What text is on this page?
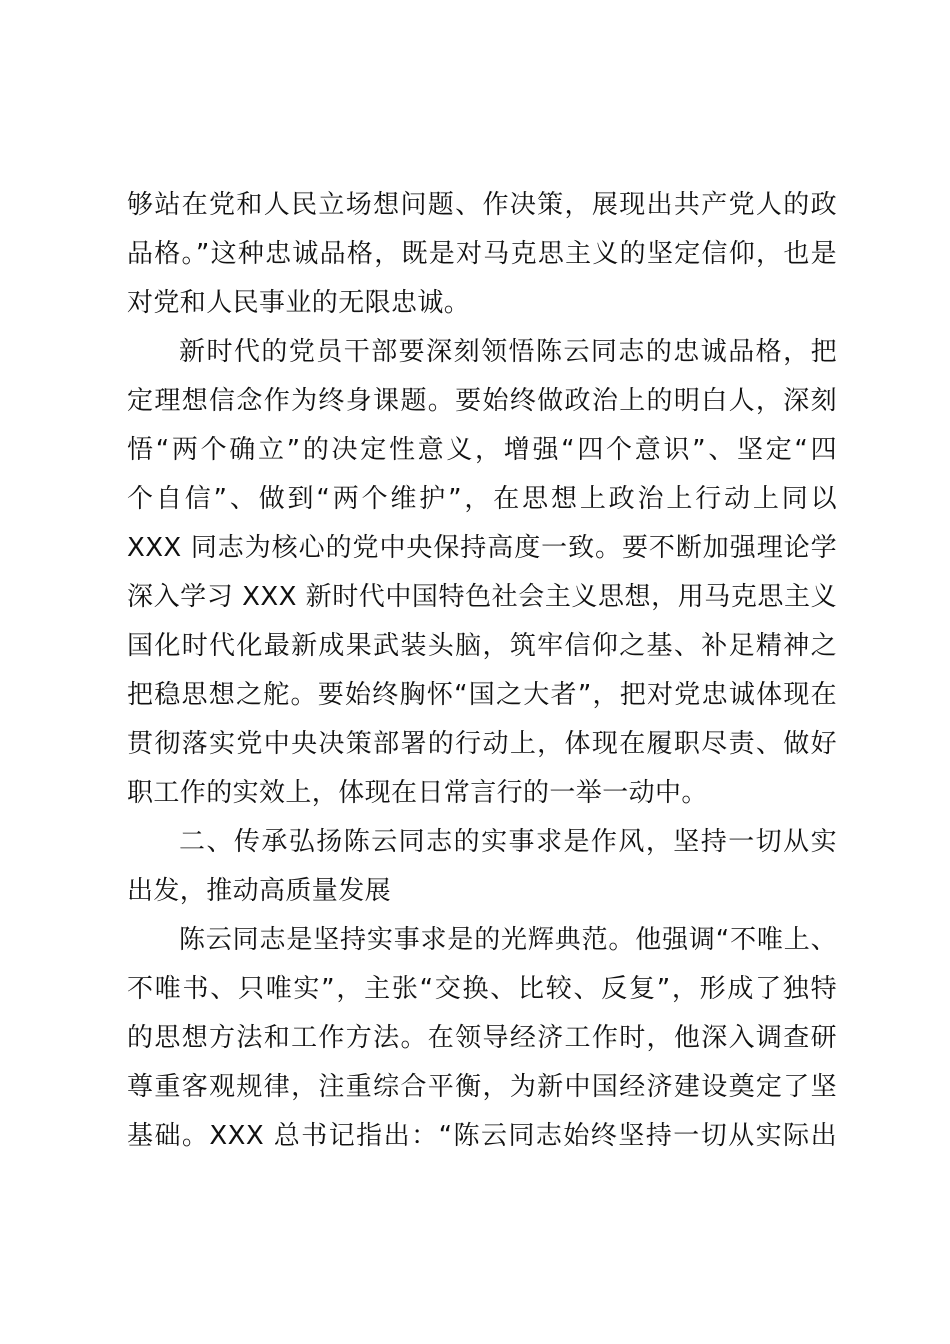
够站在党和人民立场想问题、作决策，展现出共产党人的政
品格。”这种忠诚品格，既是对马克思主义的坚定信仰，也是
对党和人民事业的无限忠诚。
新时代的党员干部要深刻领悟陈云同志的忠诚品格，把
定理想信念作为终身课题。要始终做政治上的明白人，深刻
悟“两个确立”的决定性意义，增强“四个意识”、坚定“四
个自信”、做到“两个维护”，在思想上政治上行动上同以
XXX 同志为核心的党中央保持高度一致。要不断加强理论学
深入学习 XXX 新时代中国特色社会主义思想，用马克思主义
国化时代化最新成果武装头脑，筑牢信仰之基、补足精神之
把稳思想之舵。要始终胸怀“国之大者”，把对党忠诚体现在
贯彻落实党中央决策部署的行动上，体现在履职尽责、做好
职工作的实效上，体现在日常言行的一举一动中。
二、传承弘扬陈云同志的实事求是作风，坚持一切从实
出发，推动高质量发展
陈云同志是坚持实事求是的光辉典范。他强调“不唯上、
不唯书、只唯实”，主张“交换、比较、反复”，形成了独特
的思想方法和工作方法。在领导经济工作时，他深入调查研
尊重客观规律，注重综合平衡，为新中国经济建设奠定了坚
基础。XXX 总书记指出：“陈云同志始终坚持一切从实际出
